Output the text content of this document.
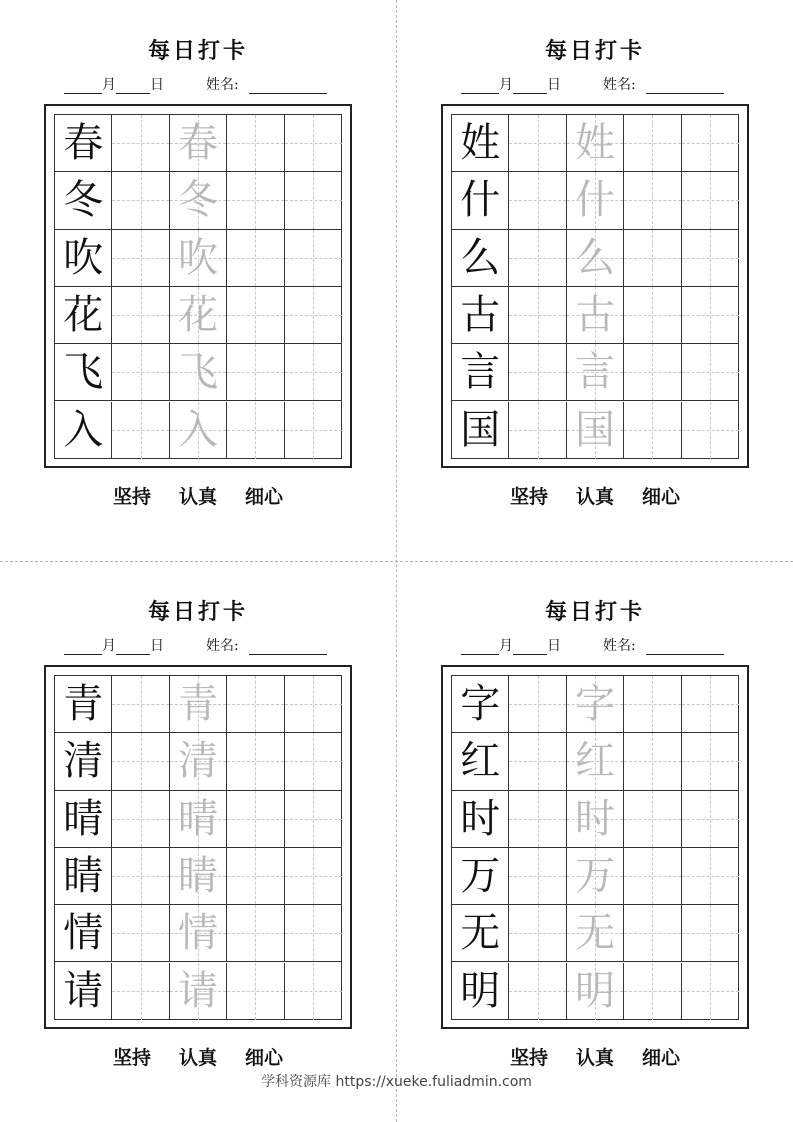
每日打卡
月 日	姓名:
春 春
冬 冬
吹 吹
花 花
飞 飞
入 入
坚持 认真 细心
每日打卡
月 日	姓名:
姓 姓
什 什
么 么
古 古
言 言
国 国
坚持 认真 细心
每日打卡
月 日	姓名:
青 青
清 清
晴 晴
睛 睛
情 情
请 请
坚持 认真 细心
每日打卡
月 日	姓名:
字 字
红 红
时 时
万 万
无 无
明 明
坚持 认真 细心
学科资源库 https://xueke.fuliadmin.com
